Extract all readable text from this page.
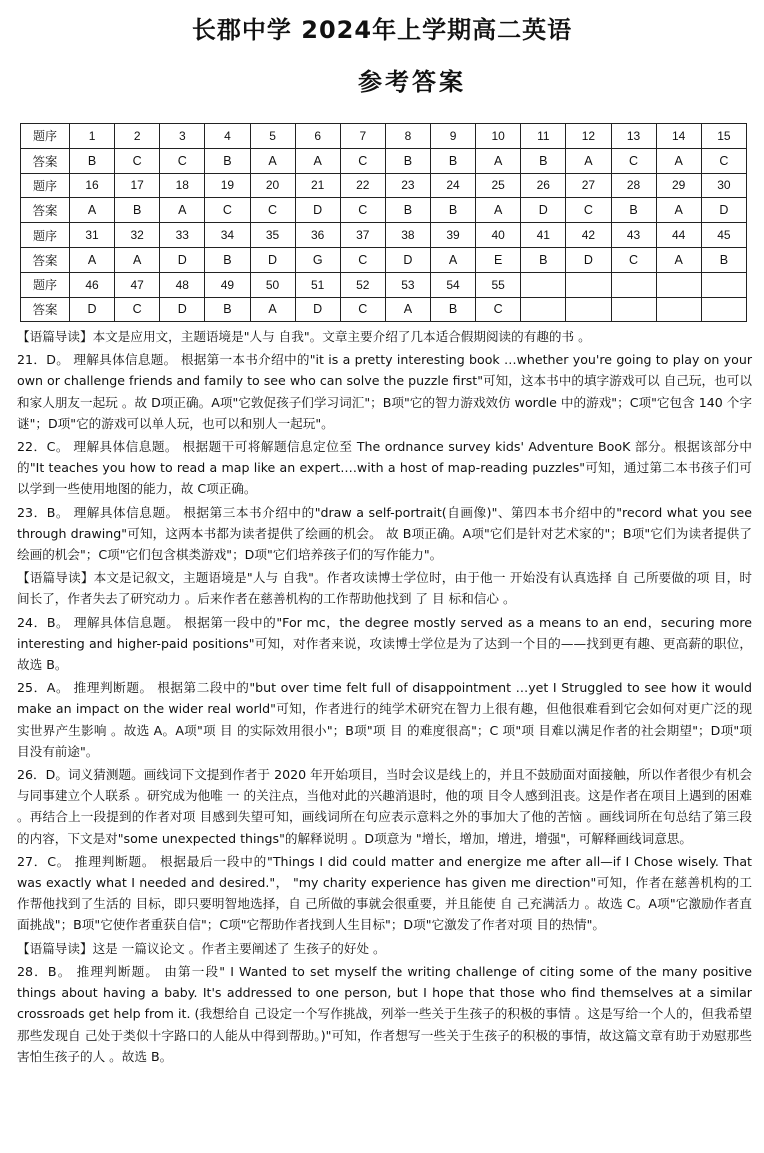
长郡中学 2024年上学期高二英语
参考答案
题序	1	2	3	4	5	6	7	8	9	10	11	12	13	14	15
答案	B	C	C	B	A	A	C	B	B	A	B	A	C	A	C
题序	16	17	18	19	20	21	22	23	24	25	26	27	28	29	30
答案	A	B	A	C	C	D	C	B	B	A	D	C	B	A	D
题序	31	32	33	34	35	36	37	38	39	40	41	42	43	44	45
答案	A	A	D	B	D	G	C	D	A	E	B	D	C	A	B
题序	46	47	48	49	50	51	52	53	54	55					
答案	D	C	D	B	A	D	C	A	B	C					

【语篇导读】本文是应用文，主题语境是"人与 自我"。文章主要介绍了几本适合假期阅读的有趣的书 。

21．D。 理解具体信息题。 根据第一本书介绍中的"it is a pretty interesting book …whether you're going to play on your own or challenge friends and family to see who can solve the puzzle first"可知，这本书中的填字游戏可以 自己玩，也可以和家人朋友一起玩 。故 D项正确。A项"它敦促孩子们学习词汇"；B项"它的智力游戏效仿 wordle 中的游戏"；C项"它包含 140 个字谜"；D项"它的游戏可以单人玩，也可以和别人一起玩"。

22．C。 理解具体信息题。 根据题干可将解题信息定位至 The ordnance survey kids' Adventure BooK 部分。根据该部分中的"It teaches you how to read a map like an expert.…with a host of map-reading puzzles"可知，通过第二本书孩子们可以学到一些使用地图的能力，故 C项正确。

23．B。 理解具体信息题。 根据第三本书介绍中的"draw a self-portrait(自画像)"、第四本书介绍中的"record what you see through drawing"可知，这两本书都为读者提供了绘画的机会。 故 B项正确。A项"它们是针对艺术家的"；B项"它们为读者提供了绘画的机会"；C项"它们包含棋类游戏"；D项"它们培养孩子们的写作能力"。

【语篇导读】本文是记叙文，主题语境是"人与 自我"。作者攻读博士学位时，由于他一 开始没有认真选择 自 己所要做的项 目，时间长了，作者失去了研究动力 。后来作者在慈善机构的工作帮助他找到 了 目 标和信心 。

24．B。 理解具体信息题。 根据第一段中的"For mc，the degree mostly served as a means to an end，securing more interesting and higher-paid positions"可知，对作者来说，攻读博士学位是为了达到一个目的——找到更有趣、更高薪的职位，故选 B。

25．A。 推理判断题。 根据第二段中的"but over time felt full of disappointment …yet I Struggled to see how it would make an impact on the wider real world"可知，作者进行的纯学术研究在智力上很有趣，但他很难看到它会如何对更广泛的现实世界产生影响 。故选 A。A项"项 目 的实际效用很小"；B项"项 目 的难度很高"；C 项"项 目难以满足作者的社会期望"；D项"项 目没有前途"。

26．D。词义猜测题。画线词下文提到作者于 2020 年开始项目，当时会议是线上的，并且不鼓励面对面接触，所以作者很少有机会与同事建立个人联系 。研究成为他唯 一 的关注点，当他对此的兴趣消退时，他的项 目令人感到沮丧。这是作者在项目上遇到的困难 。再结合上一段提到的作者对项 目感到失望可知，画线词所在句应表示意料之外的事加大了他的苦恼 。画线词所在句总结了第三段的内容，下文是对"some unexpected things"的解释说明 。D项意为 "增长，增加，增进，增强"，可解释画线词意思。

27．C。 推理判断题。 根据最后一段中的"Things I did could matter and energize me after all—if I Chose wisely. That was exactly what I needed and desired."， "my charity experience has given me direction"可知，作者在慈善机构的工作帮他找到了生活的 目标，即只要明智地选择，自 己所做的事就会很重要，并且能使 自 己充满活力 。故选 C。A项"它激励作者直面挑战"；B项"它使作者重获自信"；C项"它帮助作者找到人生目标"；D项"它激发了作者对项 目的热情"。

【语篇导读】这是 一篇议论文 。作者主要阐述了 生孩子的好处 。

28．B。 推理判断题。 由第一段" I Wanted to set myself the writing challenge of citing some of the many positive things about having a baby. It's addressed to one person, but I hope that those who find themselves at a similar crossroads get help from it. (我想给自 己设定一个写作挑战，列举一些关于生孩子的积极的事情 。这是写给一个人的，但我希望那些发现自 己处于类似十字路口的人能从中得到帮助。)"可知，作者想写一些关于生孩子的积极的事情，故这篇文章有助于劝慰那些害怕生孩子的人 。故选 B。
